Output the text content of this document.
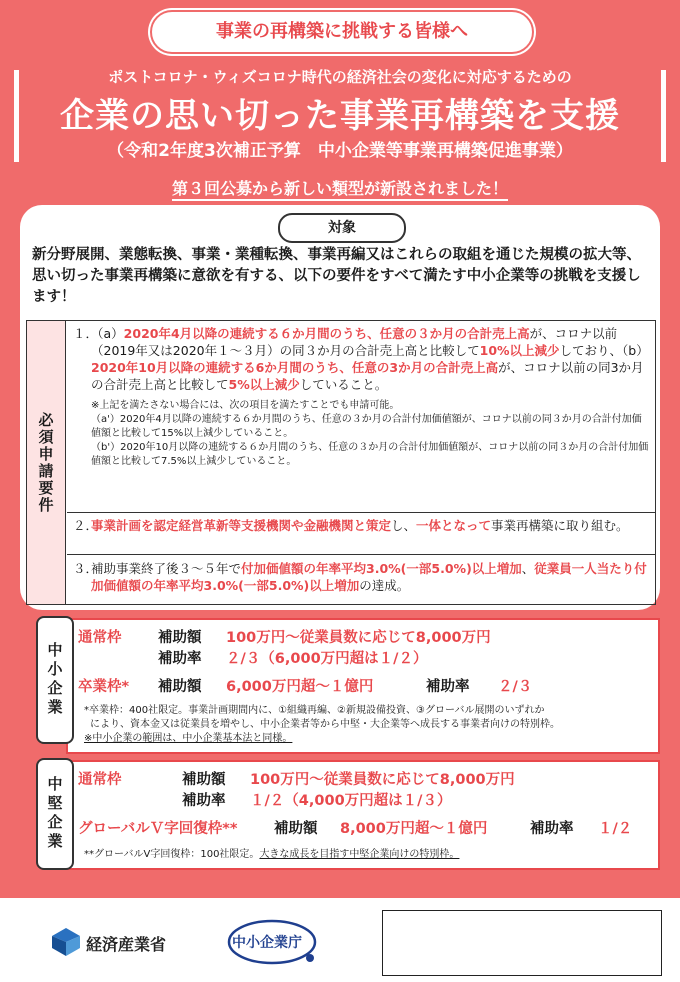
事業の再構築に挑戦する皆様へ
ポストコロナ・ウィズコロナ時代の経済社会の変化に対応するための
企業の思い切った事業再構築を支援
（令和2年度3次補正予算　中小企業等事業再構築促進事業）
第３回公募から新しい類型が新設されました！
対象
新分野展開、業態転換、事業・業種転換、事業再編又はこれらの取組を通じた規模の拡大等、思い切った事業再構築に意欲を有する、以下の要件をすべて満たす中小企業等の挑戦を支援します！
必須申請要件
１．
（a）2020年4月以降の連続する６か月間のうち、任意の３か月の合計売上高が、コロナ以前（2019年又は2020年１～３月）の同３か月の合計売上高と比較して10%以上減少しており、（b）2020年10月以降の連続する6か月間のうち、任意の3か月の合計売上高が、コロナ以前の同3か月の合計売上高と比較して5%以上減少していること。
※上記を満たさない場合には、次の項目を満たすことでも申請可能。
（a'）2020年4月以降の連続する６か月間のうち、任意の３か月の合計付加価値額が、コロナ以前の同３か月の合計付加価値額と比較して15%以上減少していること。
（b'）2020年10月以降の連続する６か月間のうち、任意の３か月の合計付加価値額が、コロナ以前の同３か月の合計付加価値額と比較して7.5%以上減少していること。
２．
事業計画を認定経営革新等支援機関や金融機関と策定し、一体となって事業再構築に取り組む。
３．
補助事業終了後３～５年で付加価値額の年率平均3.0%(一部5.0%)以上増加、従業員一人当たり付加価値額の年率平均3.0%(一部5.0%)以上増加の達成。
通常枠	補助額 100万円～従業員数に応じて8,000万円
補助率 ２/３（6,000万円超は１/２）
卒業枠* 補助額 6,000万円超～１億円	補助率 ２/３
*卒業枠：400社限定。事業計画期間内に、①組織再編、②新規設備投資、③グローバル展開のいずれか
により、資本金又は従業員を増やし、中小企業者等から中堅・大企業等へ成長する事業者向けの特別枠。
※中小企業の範囲は、中小企業基本法と同様。
中小企業
通常枠	補助額 100万円～従業員数に応じて8,000万円
補助率 １/２（4,000万円超は１/３）
グローバルＶ字回復枠**	補助額 8,000万円超～１億円	補助率 １/２
**グローバルV字回復枠：100社限定。大きな成長を目指す中堅企業向けの特別枠。
中堅企業
経済産業省	中小企業庁
